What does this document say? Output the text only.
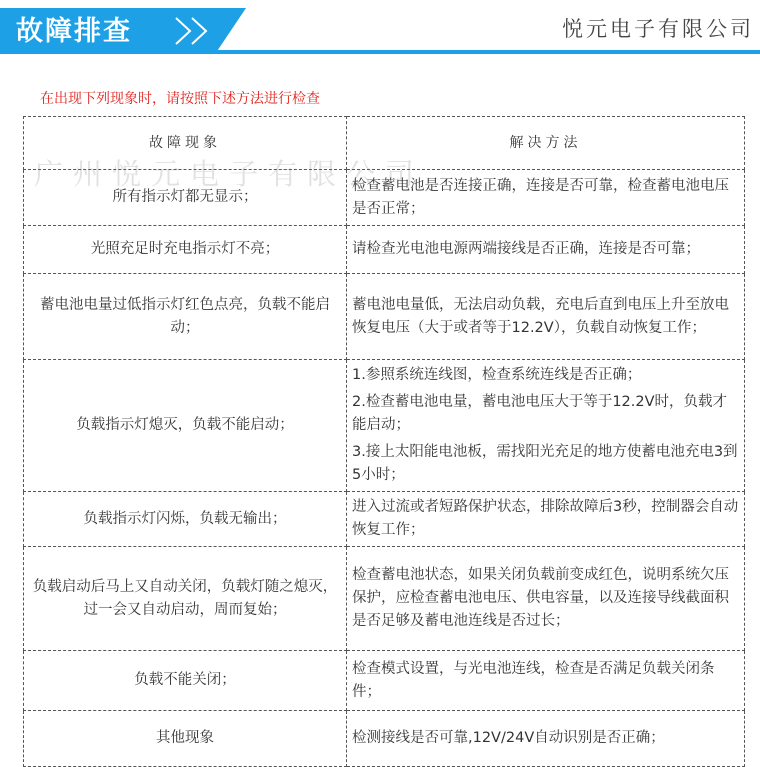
故障排查	悦元电子有限公司
在出现下列现象时，请按照下述方法进行检查
广州悦元电子有限公司
故障现象	解决方法
所有指示灯都无显示；	检查蓄电池是否连接正确，连接是否可靠，检查蓄电池电压是否正常；

光照充足时充电指示灯不亮；	请检查光电池电源两端接线是否正确，连接是否可靠；

蓄电池电量过低指示灯红色点亮，负载不能启动；	蓄电池电量低，无法启动负载，充电后直到电压上升至放电恢复电压（大于或者等于12.2V），负载自动恢复工作；

负载指示灯熄灭，负载不能启动；	1.参照系统连线图，检查系统连线是否正确；

2.检查蓄电池电量，蓄电池电压大于等于12.2V时，负载才能启动；

3.接上太阳能电池板，需找阳光充足的地方使蓄电池充电3到5小时；

负载指示灯闪烁，负载无输出；	进入过流或者短路保护状态，排除故障后3秒，控制器会自动恢复工作；

负载启动后马上又自动关闭，负载灯随之熄灭，过一会又自动启动，周而复始；	检查蓄电池状态，如果关闭负载前变成红色，说明系统欠压保护，应检查蓄电池电压、供电容量，以及连接导线截面积是否足够及蓄电池连线是否过长；

负载不能关闭；	检查模式设置，与光电池连线，检查是否满足负载关闭条件；

其他现象	检测接线是否可靠,12V/24V自动识别是否正确；
